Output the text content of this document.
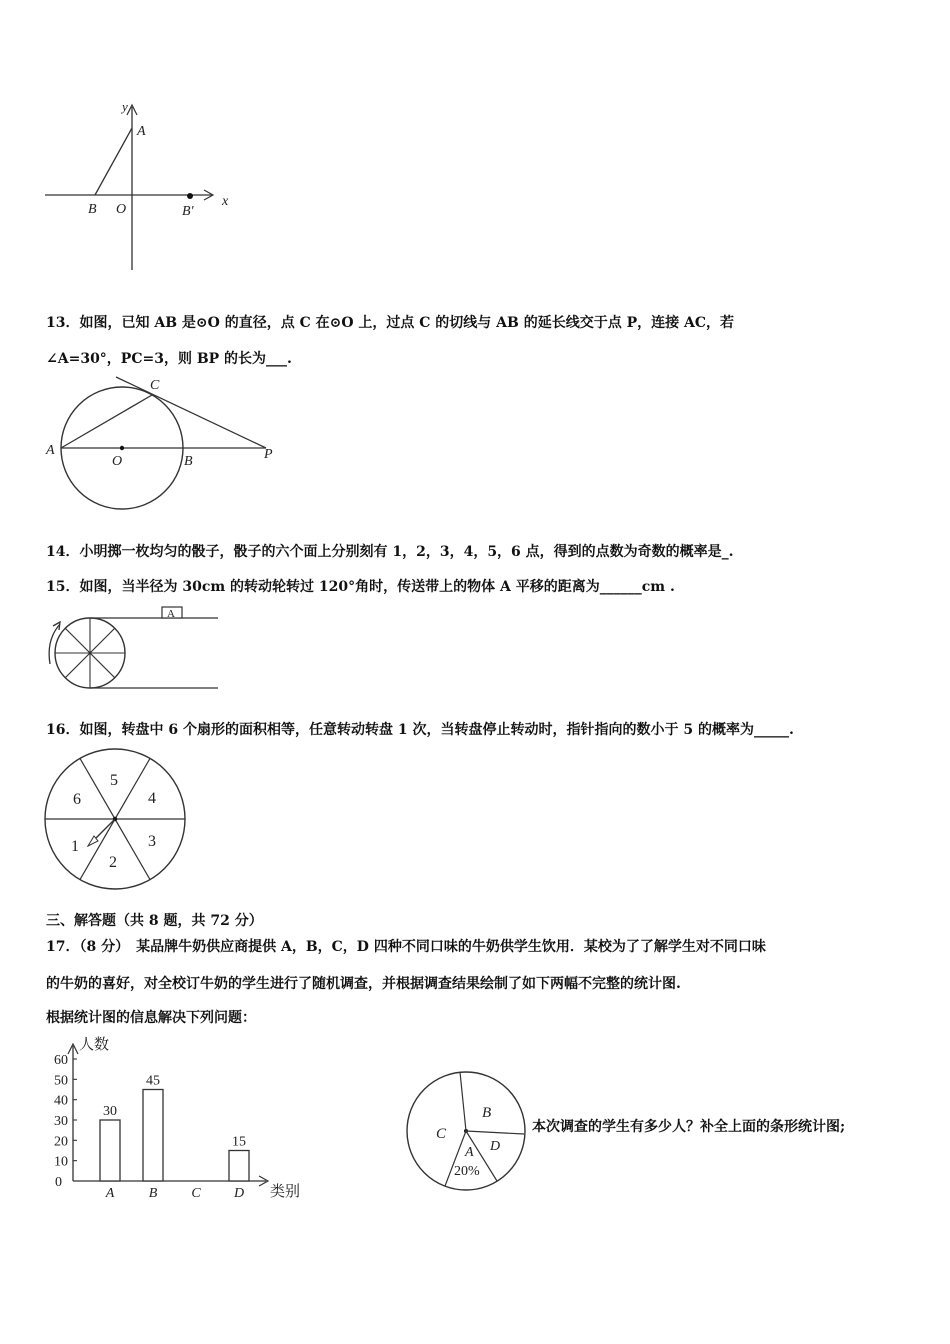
y
A
x
B O	B′
13．如图，已知 AB 是⊙O 的直径，点 C 在⊙O 上，过点 C 的切线与 AB 的延长线交于点 P，连接 AC，若
∠A=30°，PC=3，则 BP 的长为___.
C
A
O	B	P
14．小明掷一枚均匀的骰子，骰子的六个面上分别刻有 1，2，3，4，5，6 点，得到的点数为奇数的概率是_.
15．如图，当半径为 30cm 的转动轮转过 120°角时，传送带上的物体 A 平移的距离为______cm .
A
16．如图，转盘中 6 个扇形的面积相等，任意转动转盘 1 次，当转盘停止转动时，指针指向的数小于 5 的概率为_____.
5
4
3
2
1
6
三、解答题（共 8 题，共 72 分）
17．（8 分）　某品牌牛奶供应商提供 A，B，C，D 四种不同口味的牛奶供学生饮用．某校为了了解学生对不同口味
的牛奶的喜好，对全校订牛奶的学生进行了随机调查，并根据调查结果绘制了如下两幅不完整的统计图.
根据统计图的信息解决下列问题：
人数
类别
0
10
20
30
40
50
60
30
A
45
B C
15
D
B
C
A
20%
D
本次调查的学生有多少人？补全上面的条形统计图;
